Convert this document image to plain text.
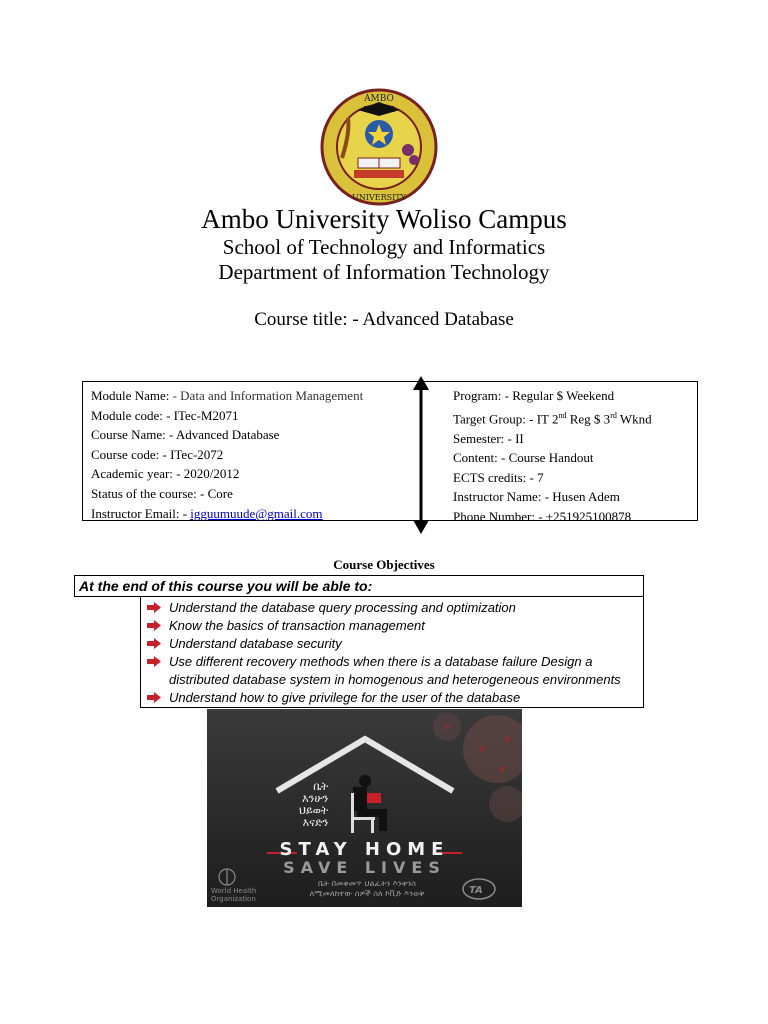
AMBO
UNIVERSITY
Ambo University Woliso Campus
School of Technology and Informatics
Department of Information Technology
Course title: - Advanced Database
Module Name: - Data and Information Management
Module code: - ITec-M2071
Course Name: - Advanced Database
Course code: - ITec-2072
Academic year: - 2020/2012
Status of the course: - Core
Instructor Email: - igguumuude@gmail.com
Program: - Regular $ Weekend
Target Group: - IT 2nd Reg $ 3rd Wknd
Semester: - II
Content: - Course Handout
ECTS credits: - 7
Instructor Name: - Husen Adem
Phone Number: - +251925100878
Course Objectives
At the end of this course you will be able to:
Understand the database query processing and optimization
Know the basics of transaction management
Understand database security
Use different recovery methods when there is a database failure Design a
distributed database system in homogenous and heterogeneous environments
Understand how to give privilege for the user of the database
ቤት
እንሁን
ህይወት
እናድን
STAY HOME
SAVE LIVES
ቤት በመቀመጥ ህልፈትን እንቀንስ
ለሚመለከተው ሰዎች ስለ ኮቪድ እንወቅ
World Health
Organization
TA
